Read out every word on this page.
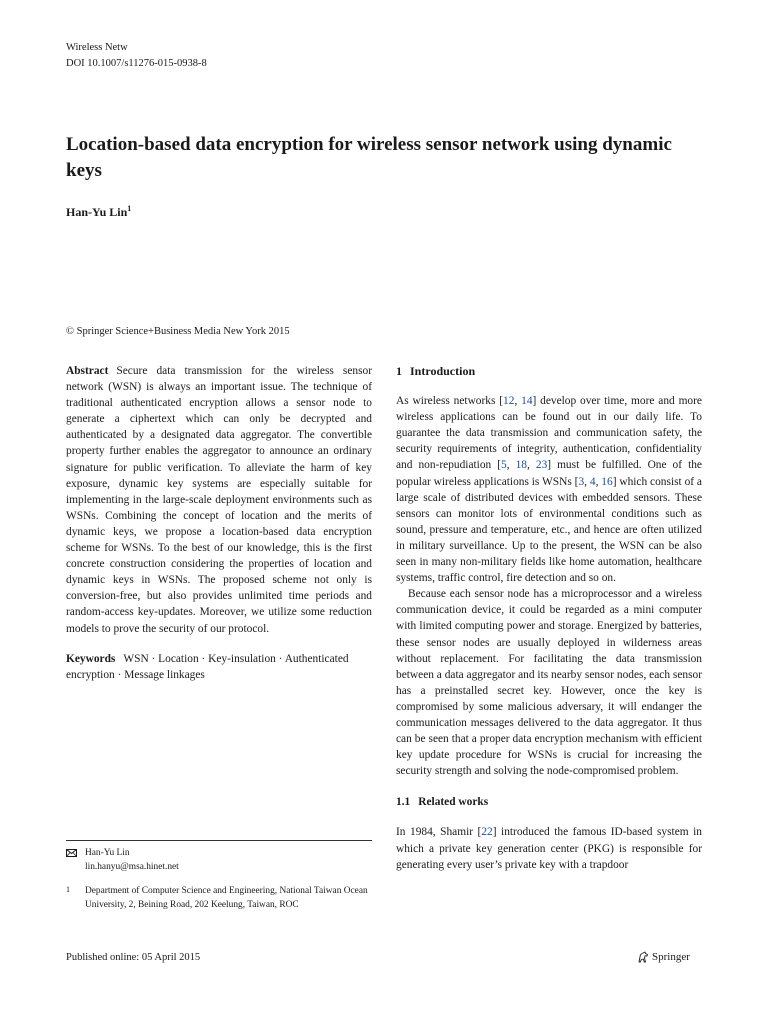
Wireless Netw
DOI 10.1007/s11276-015-0938-8
Location-based data encryption for wireless sensor network using dynamic keys
Han-Yu Lin$^1$
© Springer Science+Business Media New York 2015

Abstract Secure data transmission for the wireless sensor network (WSN) is always an important issue. The technique of traditional authenticated encryption allows a sensor node to generate a ciphertext which can only be decrypted and authenticated by a designated data aggregator. The convertible property further enables the aggregator to announce an ordinary signature for public verification. To alleviate the harm of key exposure, dynamic key systems are especially suitable for implementing in the large-scale deployment environments such as WSNs. Combining the concept of location and the merits of dynamic keys, we propose a location-based data encryption scheme for WSNs. To the best of our knowledge, this is the first concrete construction considering the properties of location and dynamic keys in WSNs. The proposed scheme not only is conversion-free, but also provides unlimited time periods and random-access key-updates. Moreover, we utilize some reduction models to prove the security of our protocol.

Keywords WSN · Location · Key-insulation · Authenticated encryption · Message linkages

1 Introduction

As wireless networks [12, 14] develop over time, more and more wireless applications can be found out in our daily life. To guarantee the data transmission and communication safety, the security requirements of integrity, authentication, confidentiality and non-repudiation [5, 18, 23] must be fulfilled. One of the popular wireless applications is WSNs [3, 4, 16] which consist of a large scale of distributed devices with embedded sensors. These sensors can monitor lots of environmental conditions such as sound, pressure and temperature, etc., and hence are often utilized in military surveillance. Up to the present, the WSN can be also seen in many non-military fields like home automation, healthcare systems, traffic control, fire detection and so on.

Because each sensor node has a microprocessor and a wireless communication device, it could be regarded as a mini computer with limited computing power and storage. Energized by batteries, these sensor nodes are usually deployed in wilderness areas without replacement. For facilitating the data transmission between a data aggregator and its nearby sensor nodes, each sensor has a preinstalled secret key. However, once the key is compromised by some malicious adversary, it will endanger the communication messages delivered to the data aggregator. It thus can be seen that a proper data encryption mechanism with efficient key update procedure for WSNs is crucial for increasing the security strength and solving the node-compromised problem.

1.1 Related works

In 1984, Shamir [22] introduced the famous ID-based system in which a private key generation center (PKG) is responsible for generating every user’s private key with a trapdoor

Han-Yu Lin
lin.hanyu@msa.hinet.net
1	Department of Computer Science and Engineering, National Taiwan Ocean University, 2, Beining Road, 202 Keelung, Taiwan, ROC
Published online: 05 April 2015	Springer
